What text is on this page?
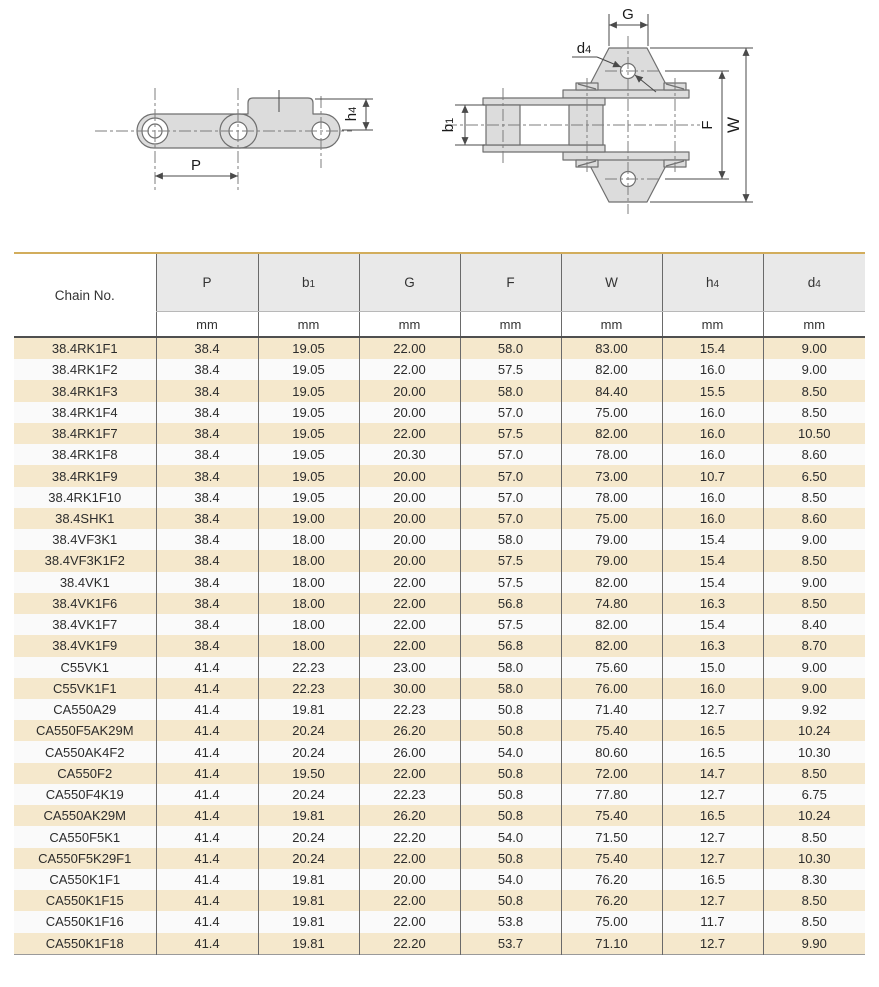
P
h4
G
d4
b1	F W
Chain No.	P	b1	G	F	W	h4	d4
	mm	mm	mm	mm	mm	mm	mm
38.4RK1F1	38.4	19.05	22.00	58.0	83.00	15.4	9.00
38.4RK1F2	38.4	19.05	22.00	57.5	82.00	16.0	9.00
38.4RK1F3	38.4	19.05	20.00	58.0	84.40	15.5	8.50
38.4RK1F4	38.4	19.05	20.00	57.0	75.00	16.0	8.50
38.4RK1F7	38.4	19.05	22.00	57.5	82.00	16.0	10.50
38.4RK1F8	38.4	19.05	20.30	57.0	78.00	16.0	8.60
38.4RK1F9	38.4	19.05	20.00	57.0	73.00	10.7	6.50
38.4RK1F10	38.4	19.05	20.00	57.0	78.00	16.0	8.50
38.4SHK1	38.4	19.00	20.00	57.0	75.00	16.0	8.60
38.4VF3K1	38.4	18.00	20.00	58.0	79.00	15.4	9.00
38.4VF3K1F2	38.4	18.00	20.00	57.5	79.00	15.4	8.50
38.4VK1	38.4	18.00	22.00	57.5	82.00	15.4	9.00
38.4VK1F6	38.4	18.00	22.00	56.8	74.80	16.3	8.50
38.4VK1F7	38.4	18.00	22.00	57.5	82.00	15.4	8.40
38.4VK1F9	38.4	18.00	22.00	56.8	82.00	16.3	8.70
C55VK1	41.4	22.23	23.00	58.0	75.60	15.0	9.00
C55VK1F1	41.4	22.23	30.00	58.0	76.00	16.0	9.00
CA550A29	41.4	19.81	22.23	50.8	71.40	12.7	9.92
CA550F5AK29M	41.4	20.24	26.20	50.8	75.40	16.5	10.24
CA550AK4F2	41.4	20.24	26.00	54.0	80.60	16.5	10.30
CA550F2	41.4	19.50	22.00	50.8	72.00	14.7	8.50
CA550F4K19	41.4	20.24	22.23	50.8	77.80	12.7	6.75
CA550AK29M	41.4	19.81	26.20	50.8	75.40	16.5	10.24
CA550F5K1	41.4	20.24	22.20	54.0	71.50	12.7	8.50
CA550F5K29F1	41.4	20.24	22.00	50.8	75.40	12.7	10.30
CA550K1F1	41.4	19.81	20.00	54.0	76.20	16.5	8.30
CA550K1F15	41.4	19.81	22.00	50.8	76.20	12.7	8.50
CA550K1F16	41.4	19.81	22.00	53.8	75.00	11.7	8.50
CA550K1F18	41.4	19.81	22.20	53.7	71.10	12.7	9.90
